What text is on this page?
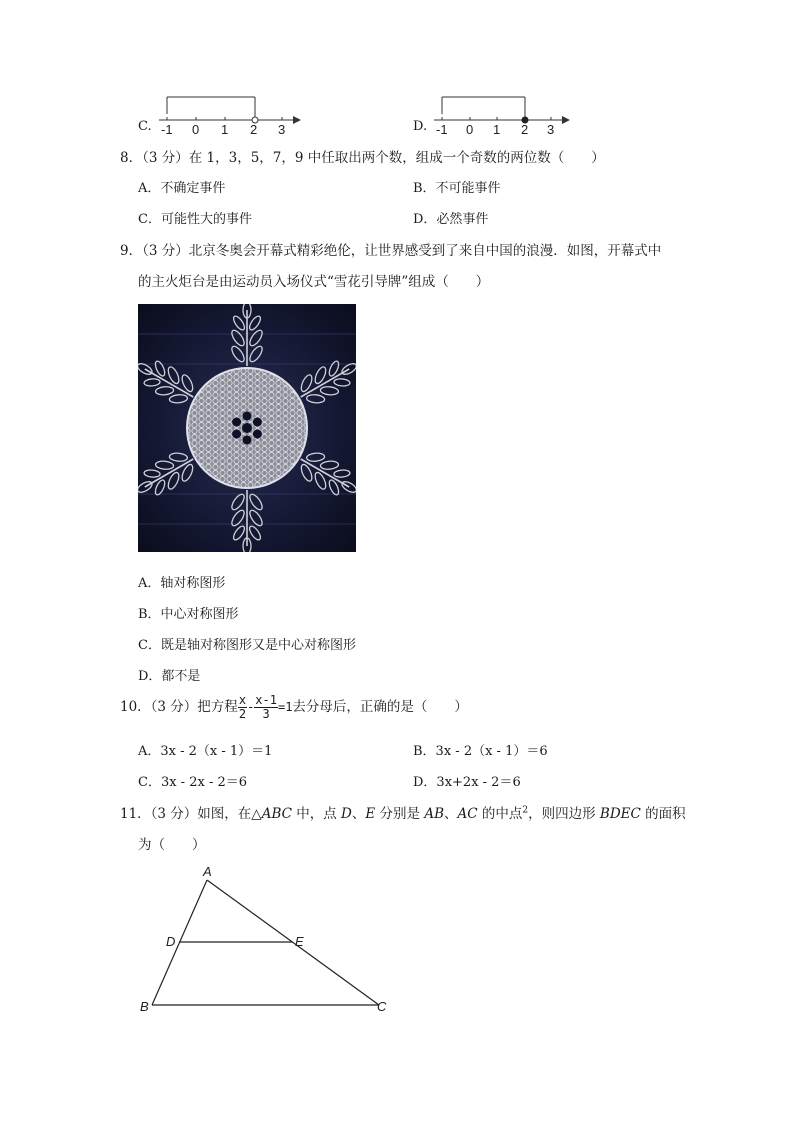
C. -1 0 1 2 3	D. -1 0 1 2 3
8．（3 分）在 1，3，5，7，9 中任取出两个数，组成一个奇数的两位数（　　）
A．不确定事件	B．不可能事件
C．可能性大的事件	D．必然事件
9．（3 分）北京冬奥会开幕式精彩绝伦，让世界感受到了来自中国的浪漫．如图，开幕式中
的主火炬台是由运动员入场仪式“雪花引导牌”组成（　　）
A．轴对称图形
B．中心对称图形
C．既是轴对称图形又是中心对称图形
D．都不是
10．（3 分）把方程 $\frac{x}{2} - \frac{x-1}{3} =1$去分母后，正确的是（　　）
A．3x - 2（x - 1）＝1	B．3x - 2（x - 1）＝6
C．3x - 2x - 2＝6	D．3x+2x - 2＝6
11．（3 分）如图，在△ABC 中，点 D、E 分别是 AB、AC 的中点$^2$，则四边形 BDEC 的面积
为（　　）
A
B	C
D	E
